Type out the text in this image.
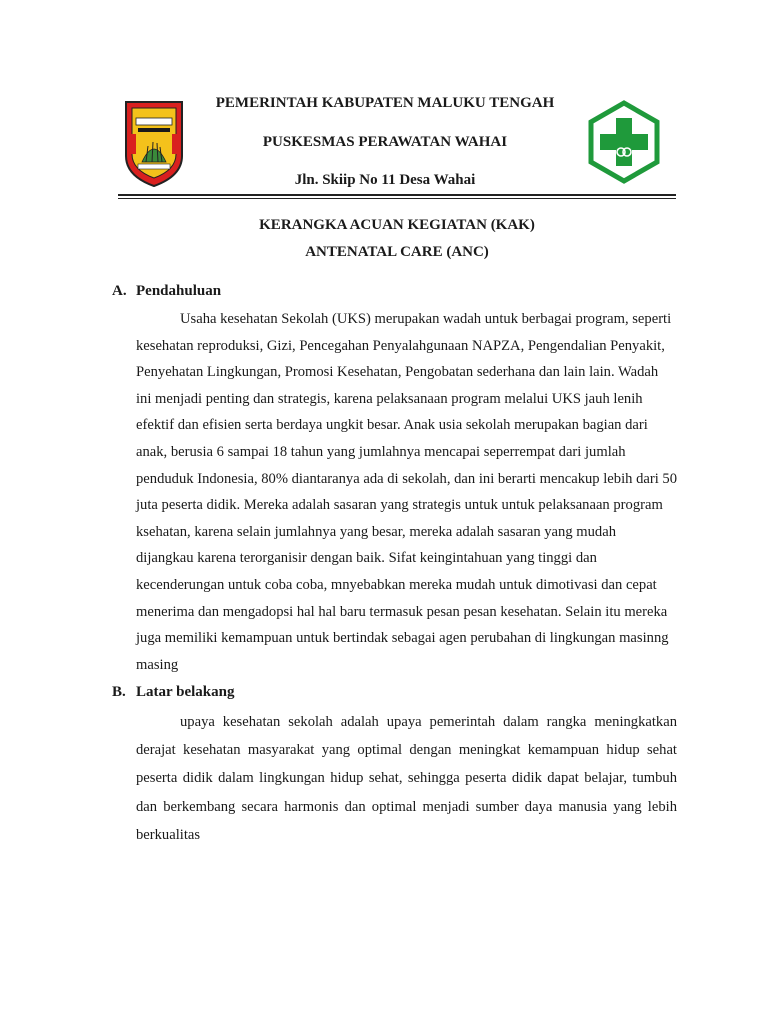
PEMERINTAH KABUPATEN MALUKU TENGAH
PUSKESMAS PERAWATAN WAHAI
Jln. Skiip No 11 Desa Wahai
KERANGKA ACUAN KEGIATAN (KAK)
ANTENATAL CARE (ANC)
A. Pendahuluan

Usaha kesehatan Sekolah (UKS) merupakan wadah untuk berbagai program, seperti kesehatan reproduksi, Gizi, Pencegahan Penyalahgunaan NAPZA, Pengendalian Penyakit, Penyehatan Lingkungan, Promosi Kesehatan, Pengobatan sederhana dan lain lain. Wadah ini menjadi penting dan strategis, karena pelaksanaan program melalui UKS jauh lenih efektif dan efisien serta berdaya ungkit besar. Anak usia sekolah merupakan bagian dari anak, berusia 6 sampai 18 tahun yang jumlahnya mencapai seperrempat dari jumlah penduduk Indonesia, 80% diantaranya ada di sekolah, dan ini berarti mencakup lebih dari 50 juta peserta didik. Mereka adalah sasaran yang strategis untuk untuk pelaksanaan program ksehatan, karena selain jumlahnya yang besar, mereka adalah sasaran yang mudah dijangkau karena terorganisir dengan baik. Sifat keingintahuan yang tinggi dan kecenderungan untuk coba coba, mnyebabkan mereka mudah untuk dimotivasi dan cepat menerima dan mengadopsi hal hal baru termasuk pesan pesan kesehatan. Selain itu mereka juga memiliki kemampuan untuk bertindak sebagai agen perubahan di lingkungan masinng masing

B. Latar belakang

upaya kesehatan sekolah adalah upaya pemerintah dalam rangka meningkatkan derajat kesehatan masyarakat yang optimal dengan meningkat kemampuan hidup sehat peserta didik dalam lingkungan hidup sehat, sehingga peserta didik dapat belajar, tumbuh dan berkembang secara harmonis dan optimal menjadi sumber daya manusia yang lebih berkualitas
